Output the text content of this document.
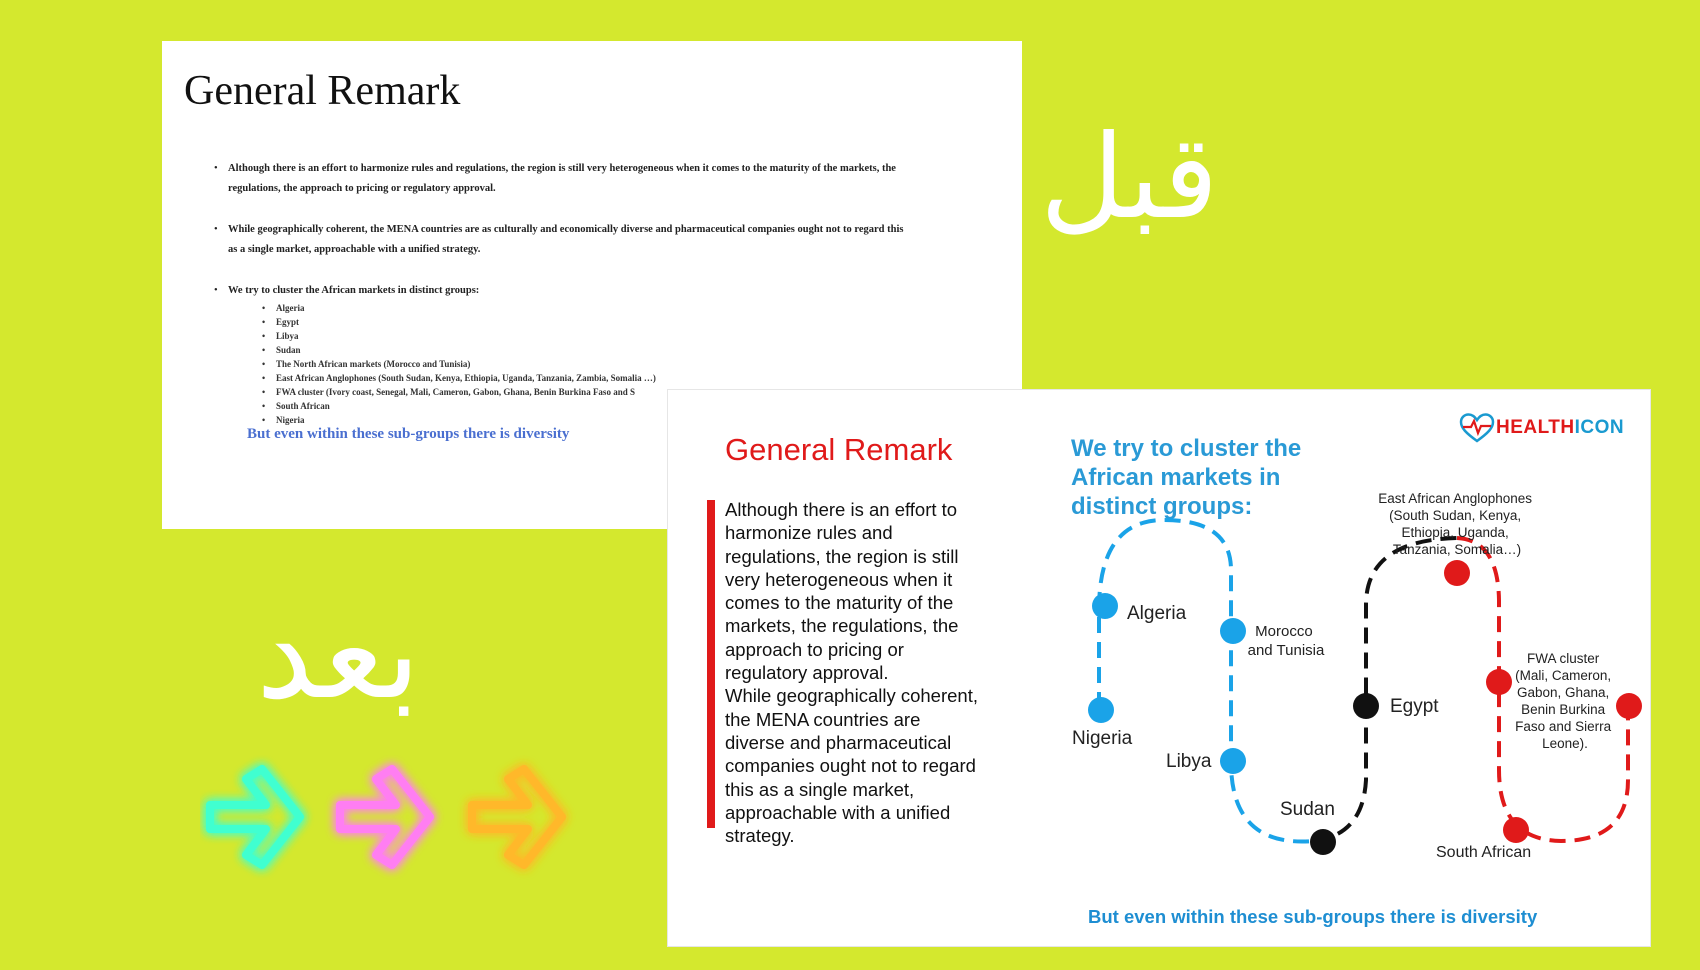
General Remark
• Although there is an effort to harmonize rules and regulations, the region is still very heterogeneous when it comes to the maturity of the markets, the regulations, the approach to pricing or regulatory approval.
• While geographically coherent, the MENA countries are as culturally and economically diverse and pharmaceutical companies ought not to regard this as a single market, approachable with a unified strategy.
• We try to cluster the African markets in distinct groups:
• Algeria
• Egypt
• Libya
• Sudan
• The North African markets (Morocco and Tunisia)
• East African Anglophones (South Sudan, Kenya, Ethiopia, Uganda, Tanzania, Zambia, Somalia …)
• FWA cluster (Ivory coast, Senegal, Mali, Cameron, Gabon, Ghana, Benin Burkina Faso and S
• South African
• Nigeria
But even within these sub-groups there is diversity
قبل
بعد
General Remark

Although there is an effort to harmonize rules and regulations, the region is still very heterogeneous when it comes to the maturity of the markets, the regulations, the approach to pricing or regulatory approval.

While geographically coherent, the MENA countries are diverse and pharmaceutical companies ought not to regard this as a single market, approachable with a unified strategy.

HEALTH ICON
We try to cluster the African markets in distinct groups:
Algeria
Nigeria
Morocco and Tunisia
Libya
Sudan
Egypt
East African Anglophones (South Sudan, Kenya, Ethiopia, Uganda, Tanzania, Somalia…)
FWA cluster (Mali, Cameron, Gabon, Ghana, Benin Burkina Faso and Sierra Leone).
South African
But even within these sub-groups there is diversity
خمسات
